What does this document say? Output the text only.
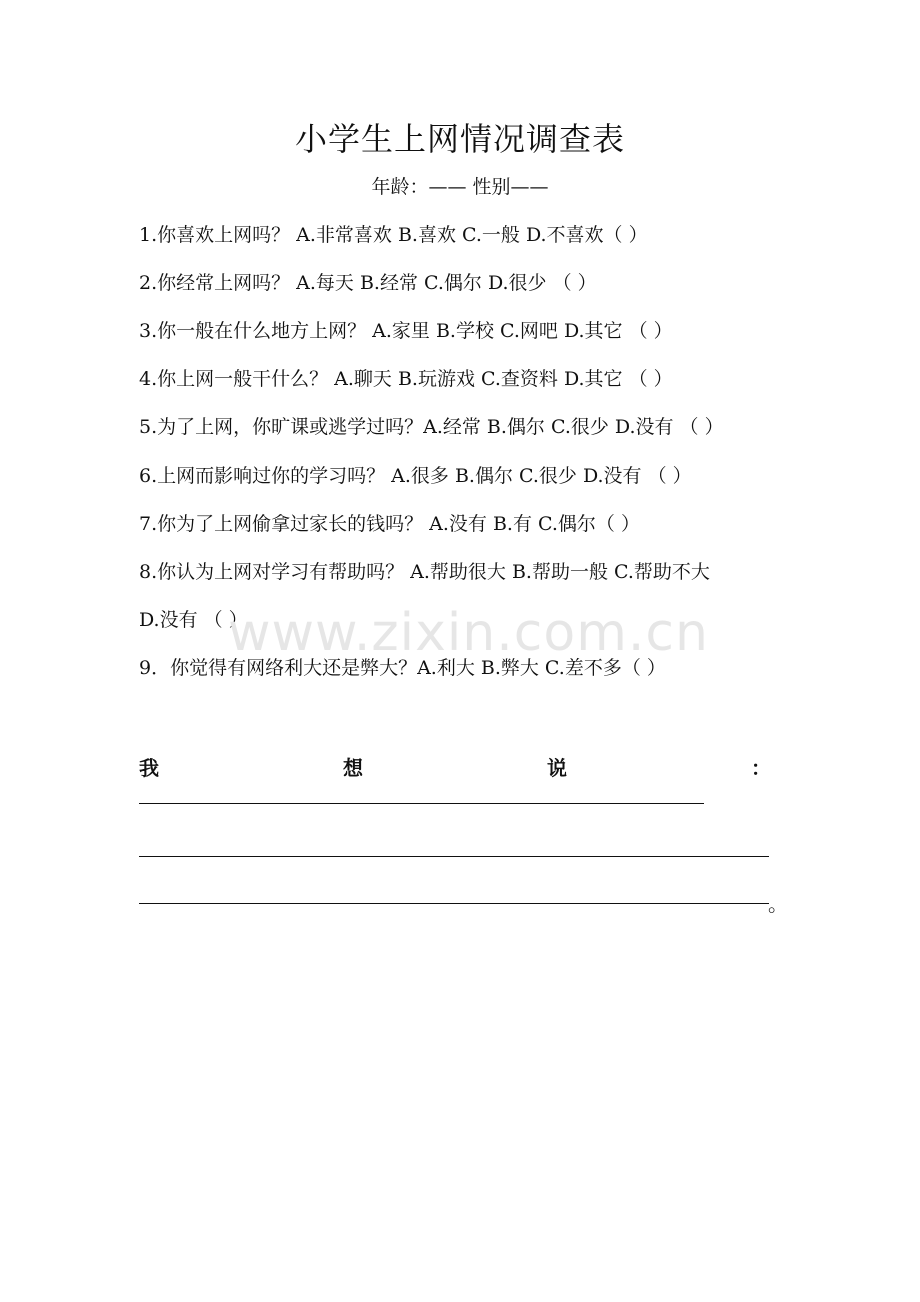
小学生上网情况调查表
年龄：—— 性别——
1.你喜欢上网吗？ A.非常喜欢 B.喜欢 C.一般 D.不喜欢（ ）
2.你经常上网吗？ A.每天 B.经常 C.偶尔 D.很少 （ ）
3.你一般在什么地方上网？ A.家里 B.学校 C.网吧 D.其它 （ ）
4.你上网一般干什么？ A.聊天 B.玩游戏 C.查资料 D.其它 （ ）
5.为了上网，你旷课或逃学过吗？A.经常 B.偶尔 C.很少 D.没有 （ ）
6.上网而影响过你的学习吗？ A.很多 B.偶尔 C.很少 D.没有 （ ）
7.你为了上网偷拿过家长的钱吗？ A.没有 B.有 C.偶尔（ ）
8.你认为上网对学习有帮助吗？ A.帮助很大 B.帮助一般 C.帮助不大
D.没有 （ ）
9．你觉得有网络利大还是弊大？A.利大 B.弊大 C.差不多（ ）
www.zixin.com.cn
我	想	说	：
。
